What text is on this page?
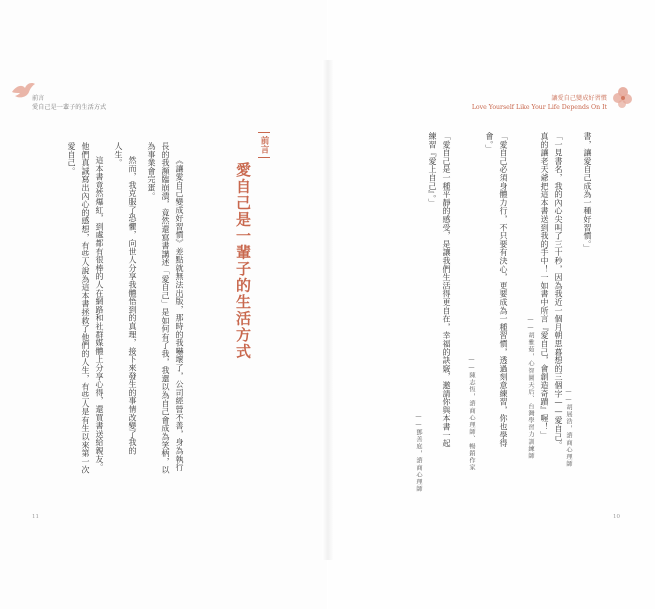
前言
愛自己是一輩子的生活方式
讓愛自己變成好習慣
Love Yourself Like Your Life Depends On It
書，讓愛自己成為一種好習慣。」
「一見書名，我的內心尖叫了三十秒，因為我近一個月朝思暮想的三個字——愛自己。
真的讓老天爺把這本書送到我的手中！一如書中所言『愛自己，會創造奇蹟』喔！」	——胡展浩，諮商心理師
——胡雅茹，心智圖天后、台灣學習力訓練師
「愛自己必須身體力行，不只要有決心，更要成為一種習慣，透過刻意練習，你也學得
會。」
——陳志恆，諮商心理師、暢銷作家
「愛自己是一種平靜的感受，是讓我們生活得更自在，幸福的訣竅，邀請你與本書一起
練習『愛上自己』。」
——鄧善庭，諮商心理師
前言
愛自己是一輩子的生活方式
《讓愛自己變成好習慣》差點就無法出版，那時的我嚇壞了，公司經營不善，身為執行
長的我瀕臨崩潰，竟然還寫書講述「愛自己」是如何有了我，我還以為自己會成為笑柄，以
為事業會完蛋。
然而，我克服了恐懼，向世人分享我體悟到的真理，接下來發生的事情改變了我的
人生。
這本書竟然爆紅，到處都有很棒的人在網路和社群媒體上分享心得，還買書送給親友。
他們真誠寫出內心的感想，有些人說為這本書拯救了他們的人生，有些人是有生以來第一次
愛自己。
11	10
